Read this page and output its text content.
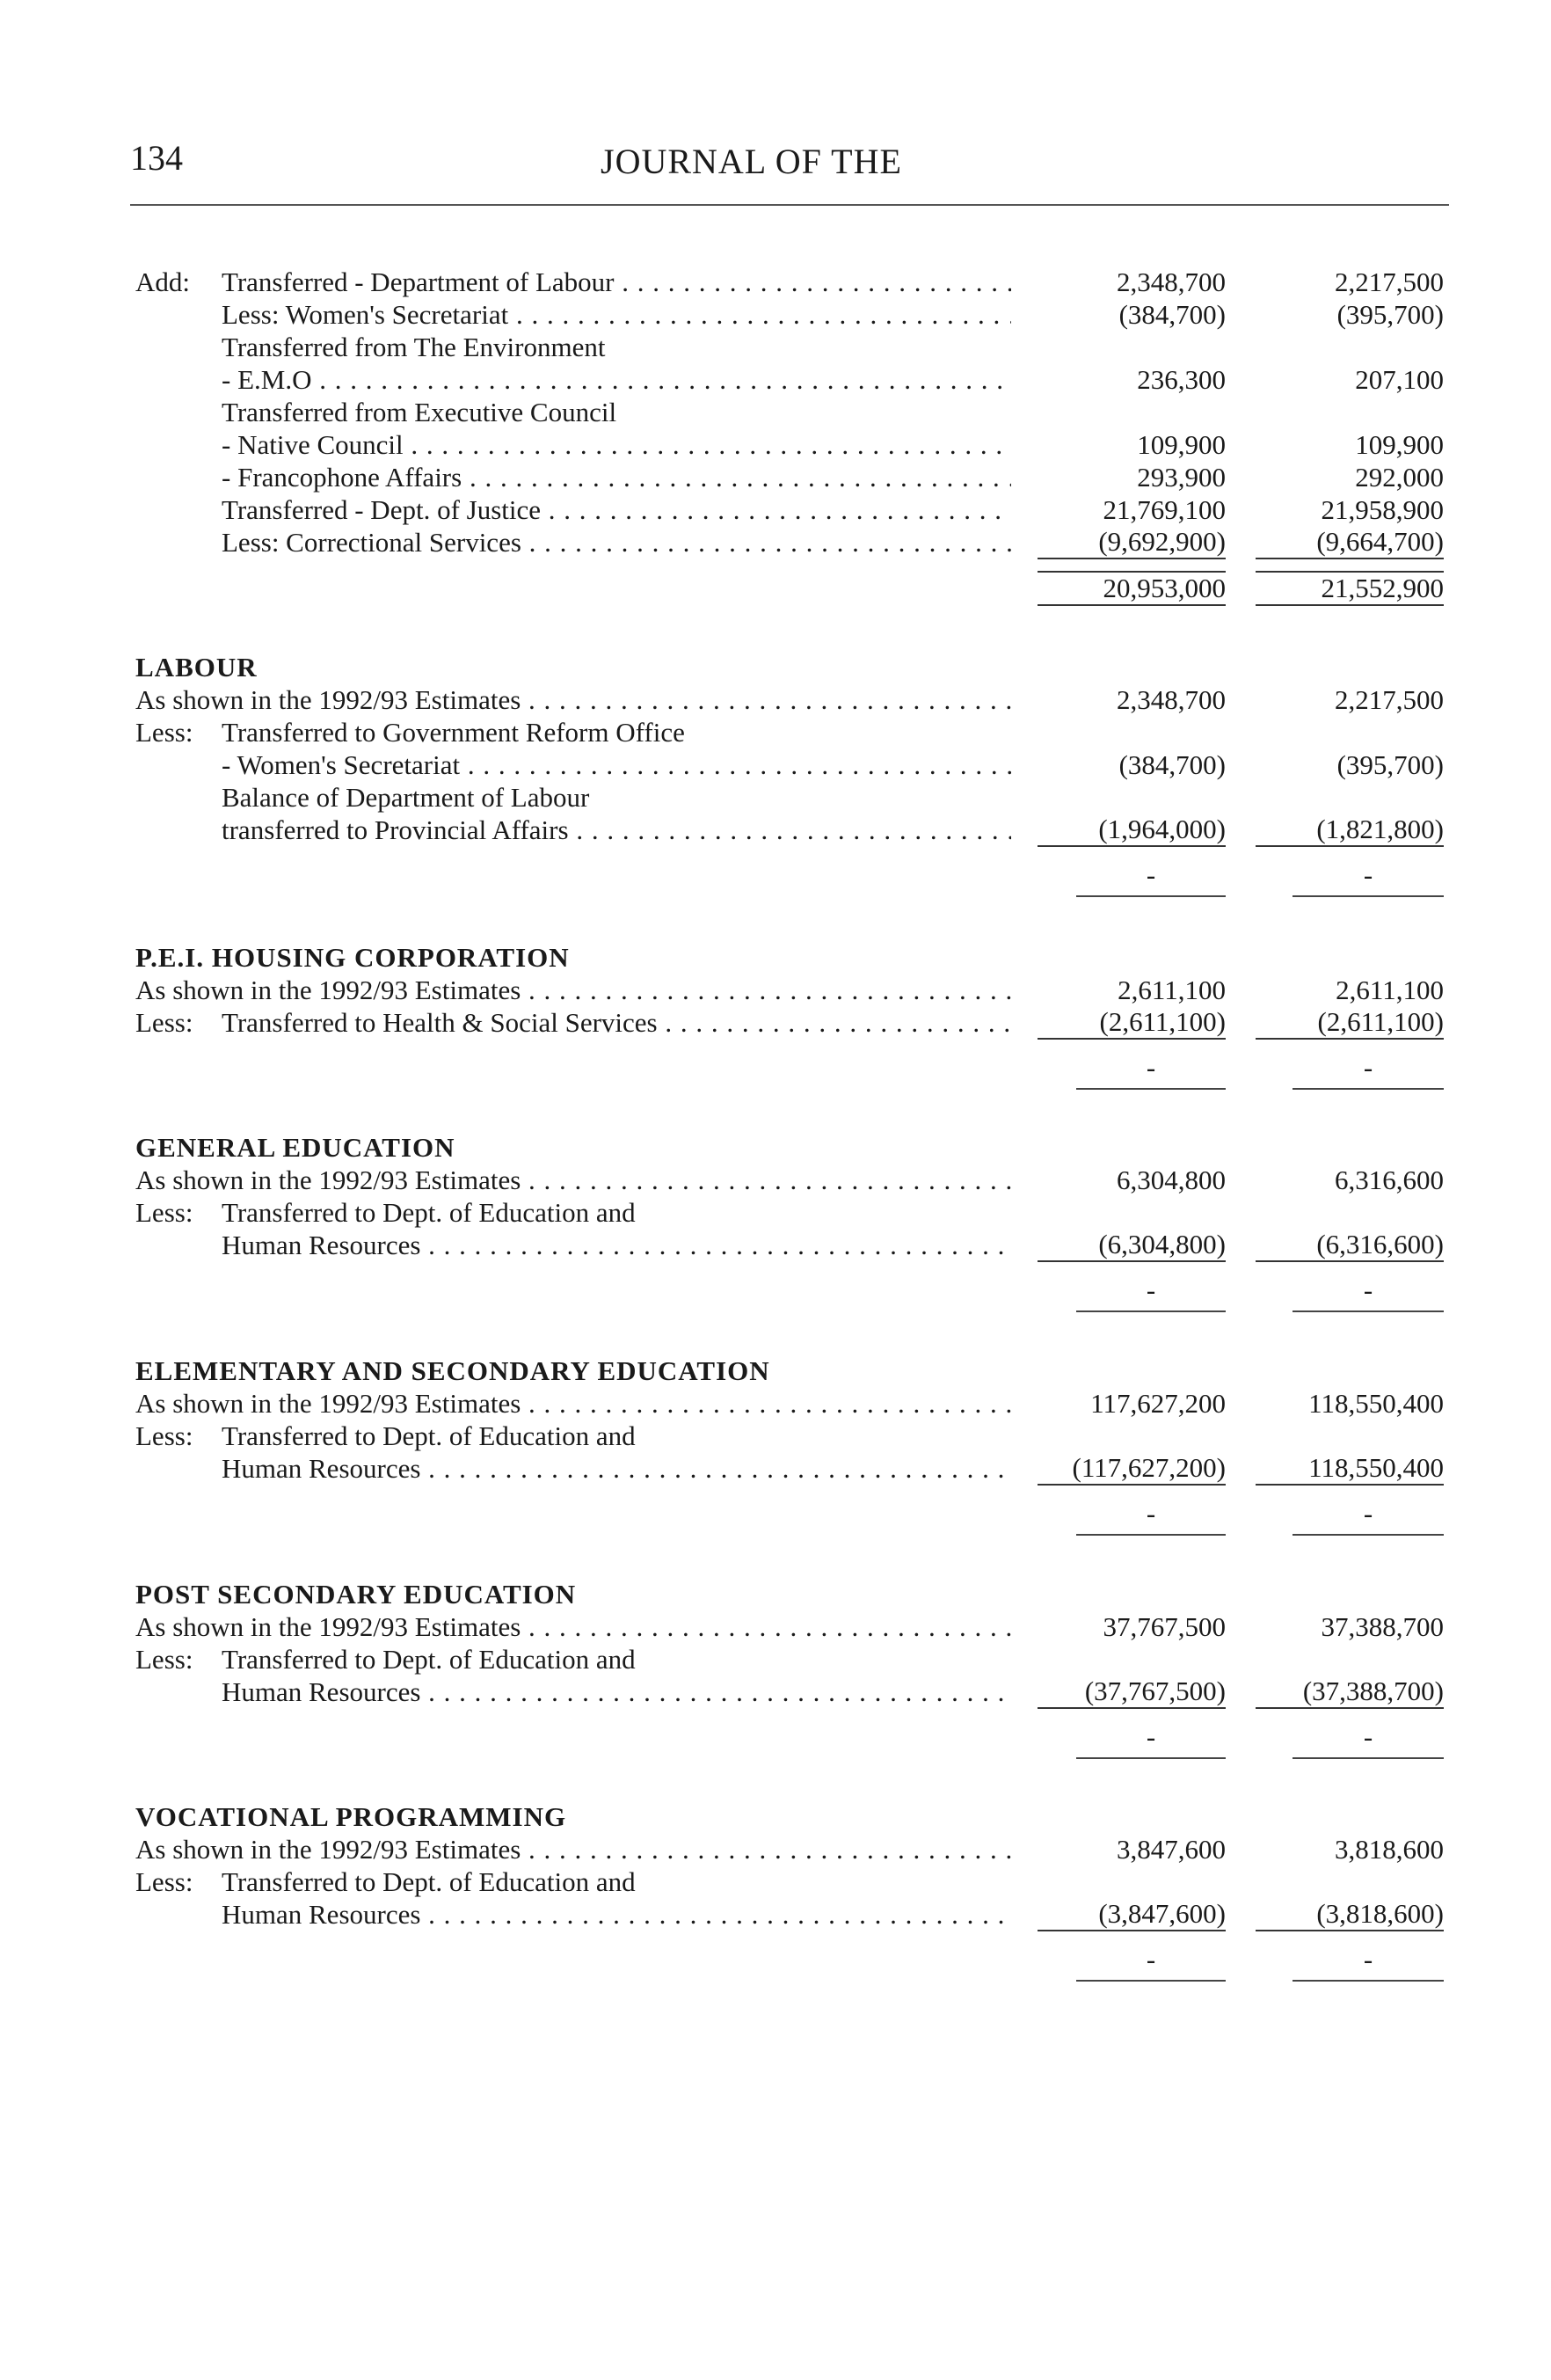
134	JOURNAL OF THE
Add: Transferred - Department of Labour . . .	2,348,700	2,217,500
Less: Women's Secretariat . . .	(384,700)	(395,700)
Transferred from The Environment
- E.M.O . . .	236,300	207,100
Transferred from Executive Council
- Native Council . . .	109,900	109,900
- Francophone Affairs . . .	293,900	292,000
Transferred - Dept. of Justice . . .	21,769,100	21,958,900
Less: Correctional Services . . .	(9,692,900)	(9,664,700)
20,953,000	21,552,900
LABOUR
As shown in the 1992/93 Estimates . . .	2,348,700	2,217,500
Less: Transferred to Government Reform Office
- Women's Secretariat . . .	(384,700)	(395,700)
Balance of Department of Labour
transferred to Provincial Affairs . . .	(1,964,000)	(1,821,800)
-	-
P.E.I. HOUSING CORPORATION
As shown in the 1992/93 Estimates . . .	2,611,100	2,611,100
Less: Transferred to Health & Social Services . . .	(2,611,100)	(2,611,100)
-	-
GENERAL EDUCATION
As shown in the 1992/93 Estimates . . .	6,304,800	6,316,600
Less: Transferred to Dept. of Education and
Human Resources . . .	(6,304,800)	(6,316,600)
-	-
ELEMENTARY AND SECONDARY EDUCATION
As shown in the 1992/93 Estimates . . .	117,627,200	118,550,400
Less: Transferred to Dept. of Education and
Human Resources . . .	(117,627,200)	118,550,400
-	-
POST SECONDARY EDUCATION
As shown in the 1992/93 Estimates . . .	37,767,500	37,388,700
Less: Transferred to Dept. of Education and
Human Resources . . .	(37,767,500)	(37,388,700)
-	-
VOCATIONAL PROGRAMMING
As shown in the 1992/93 Estimates . . .	3,847,600	3,818,600
Less: Transferred to Dept. of Education and
Human Resources . . .	(3,847,600)	(3,818,600)
-	-
